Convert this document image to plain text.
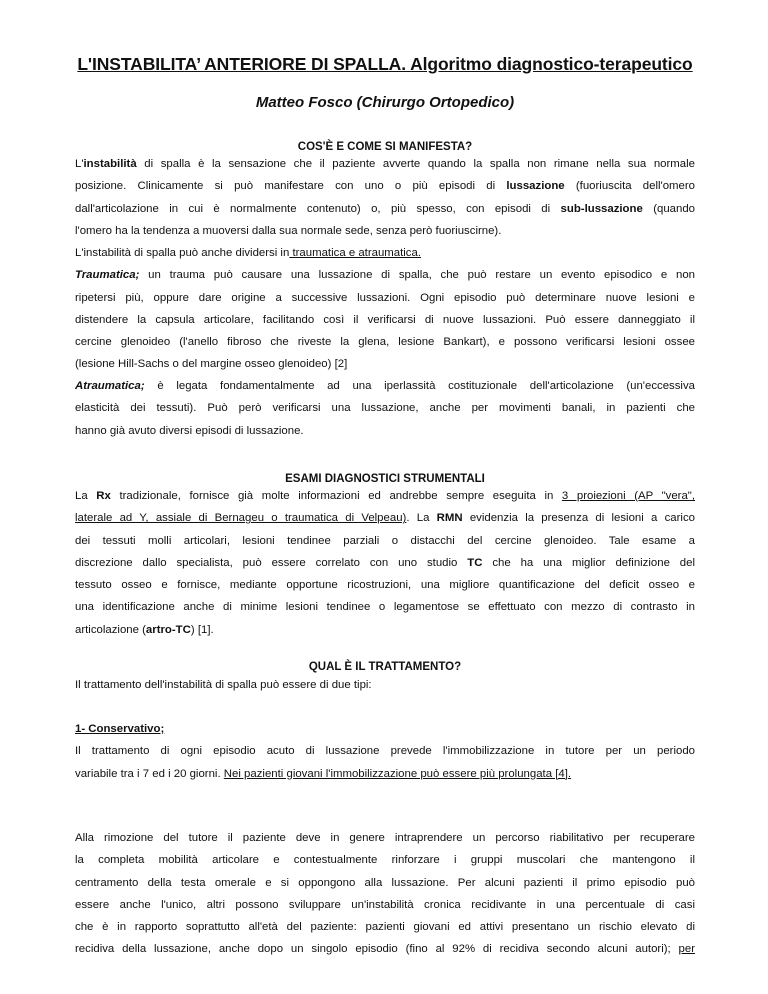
L'INSTABILITA’ ANTERIORE DI SPALLA. Algoritmo diagnostico-terapeutico
Matteo Fosco (Chirurgo Ortopedico)
COS'È E COME SI MANIFESTA?
L'instabilità di spalla è la sensazione che il paziente avverte quando la spalla non rimane nella sua normale
posizione. Clinicamente si può manifestare con uno o più episodi di lussazione (fuoriuscita dell'omero
dall'articolazione in cui è normalmente contenuto) o, più spesso, con episodi di sub-lussazione (quando
l'omero ha la tendenza a muoversi dalla sua normale sede, senza però fuoriuscirne).
L'instabilità di spalla può anche dividersi in traumatica e atraumatica.
Traumatica; un trauma può causare una lussazione di spalla, che può restare un evento episodico e non
ripetersi più, oppure dare origine a successive lussazioni. Ogni episodio può determinare nuove lesioni e
distendere la capsula articolare, facilitando così il verificarsi di nuove lussazioni. Può essere danneggiato il
cercine glenoideo (l'anello fibroso che riveste la glena, lesione Bankart), e possono verificarsi lesioni ossee
(lesione Hill-Sachs o del margine osseo glenoideo) [2]
Atraumatica; è legata fondamentalmente ad una iperlassità costituzionale dell'articolazione (un'eccessiva
elasticità dei tessuti). Può però verificarsi una lussazione, anche per movimenti banali, in pazienti che
hanno già avuto diversi episodi di lussazione.
ESAMI DIAGNOSTICI STRUMENTALI
La Rx tradizionale, fornisce già molte informazioni ed andrebbe sempre eseguita in 3 proiezioni (AP "vera",
laterale ad Y, assiale di Bernageu o traumatica di Velpeau). La RMN evidenzia la presenza di lesioni a carico
dei tessuti molli articolari, lesioni tendinee parziali o distacchi del cercine glenoideo. Tale esame a
discrezione dallo specialista, può essere correlato con uno studio TC che ha una miglior definizione del
tessuto osseo e fornisce, mediante opportune ricostruzioni, una migliore quantificazione del deficit osseo e
una identificazione anche di minime lesioni tendinee o legamentose se effettuato con mezzo di contrasto in
articolazione (artro-TC) [1].
QUAL È IL TRATTAMENTO?
Il trattamento dell'instabilità di spalla può essere di due tipi:
1- Conservativo;
Il trattamento di ogni episodio acuto di lussazione prevede l'immobilizzazione in tutore per un periodo
variabile tra i 7 ed i 20 giorni. Nei pazienti giovani l'immobilizzazione può essere più prolungata [4].
Alla rimozione del tutore il paziente deve in genere intraprendere un percorso riabilitativo per recuperare
la completa mobilità articolare e contestualmente rinforzare i gruppi muscolari che mantengono il
centramento della testa omerale e si oppongono alla lussazione. Per alcuni pazienti il primo episodio può
essere anche l'unico, altri possono sviluppare un'instabilità cronica recidivante in una percentuale di casi
che è in rapporto soprattutto all'età del paziente: pazienti giovani ed attivi presentano un rischio elevato di
recidiva della lussazione, anche dopo un singolo episodio (fino al 92% di recidiva secondo alcuni autori); per
